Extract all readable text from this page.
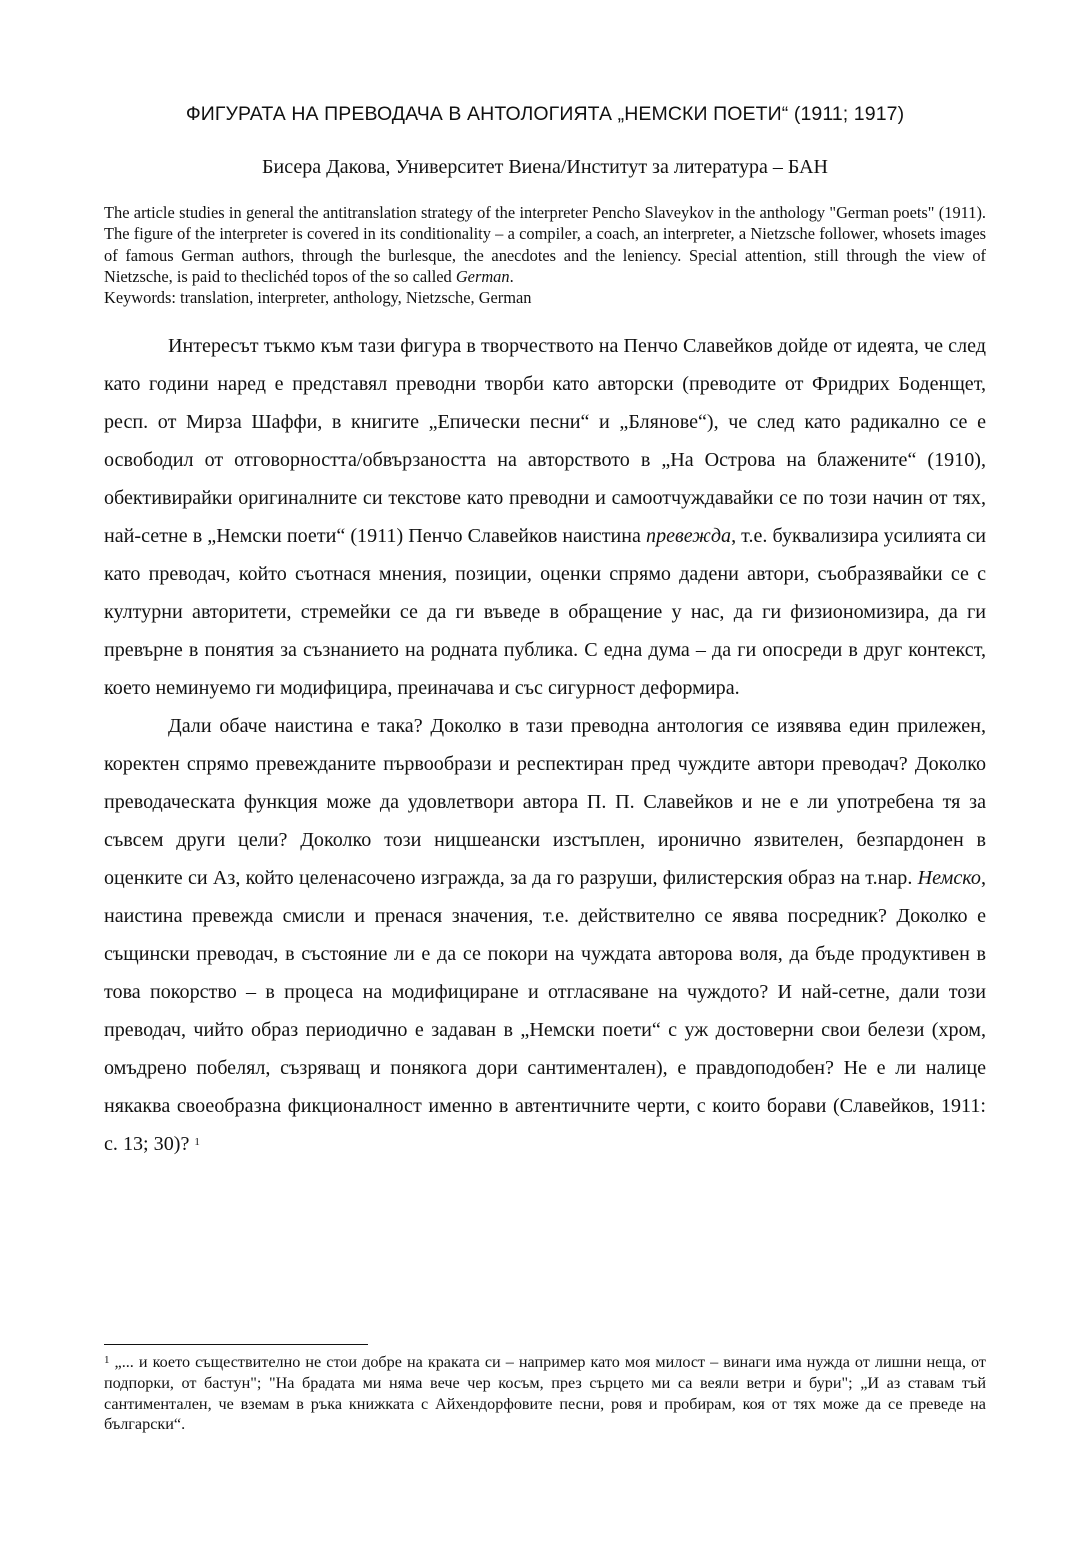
ФИГУРАТА НА ПРЕВОДАЧА В АНТОЛОГИЯТА „НЕМСКИ ПОЕТИ“ (1911; 1917)
Бисера Дакова, Университет Виена/Институт за литература – БАН

The article studies in general the antitranslation strategy of the interpreter Pencho Slaveykov in the anthology "German poets" (1911). The figure of the interpreter is covered in its conditionality – a compiler, a coach, an interpreter, a Nietzsche follower, whosets images of famous German authors, through the burlesque, the anecdotes and the leniency. Special attention, still through the view of Nietzsche, is paid to theclichéd topos of the so called German.

Keywords: translation, interpreter, anthology, Nietzsche, German

Интересът тъкмо към тази фигура в творчеството на Пенчо Славейков дойде от идеята, че след като години наред е представял преводни творби като авторски (преводите от Фридрих Боденщет, респ. от Мирза Шаффи, в книгите „Епически песни“ и „Блянове“), че след като радикално се е освободил от отговорността/обвързаността на авторството в „На Острова на блажените“ (1910), обективирайки оригиналните си текстове като преводни и самоотчуждавайки се по този начин от тях, най-сетне в „Немски поети“ (1911) Пенчо Славейков наистина превежда, т.е. буквализира усилията си като преводач, който съотнася мнения, позиции, оценки спрямо дадени автори, съобразявайки се с културни авторитети, стремейки се да ги въведе в обращение у нас, да ги физиономизира, да ги превърне в понятия за съзнанието на родната публика. С една дума – да ги опосреди в друг контекст, което неминуемо ги модифицира, преиначава и със сигурност деформира.

Дали обаче наистина е така? Доколко в тази преводна антология се изявява един прилежен, коректен спрямо превежданите първообрази и респектиран пред чуждите автори преводач? Доколко преводаческата функция може да удовлетвори автора П. П. Славейков и не е ли употребена тя за съвсем други цели? Доколко този ницшеански изстъплен, иронично язвителен, безпардонен в оценките си Аз, който целенасочено изгражда, за да го разруши, филистерския образ на т.нар. Немско, наистина превежда смисли и пренася значения, т.е. действително се явява посредник? Доколко е същински преводач, в състояние ли е да се покори на чуждата авторова воля, да бъде продуктивен в това покорство – в процеса на модифициране и отгласяване на чуждото? И най-сетне, дали този преводач, чийто образ периодично е задаван в „Немски поети“ с уж достоверни свои белези (хром, омъдрено побелял, съзряващ и понякога дори сантиментален), е правдоподобен? Не е ли налице някаква своеобразна фикционалност именно в автентичните черти, с които борави (Славейков, 1911: с. 13; 30)? $^1$

$^1$ „... и което съществително не стои добре на краката си – например като моя милост – винаги има нужда от лишни неща, от подпорки, от бастун"; "На брадата ми няма вече чер косъм, през сърцето ми са веяли ветри и бури"; „И аз ставам тъй сантиментален, че вземам в ръка книжката с Айхендорфовите песни, ровя и пробирам, коя от тях може да се преведе на български“.
